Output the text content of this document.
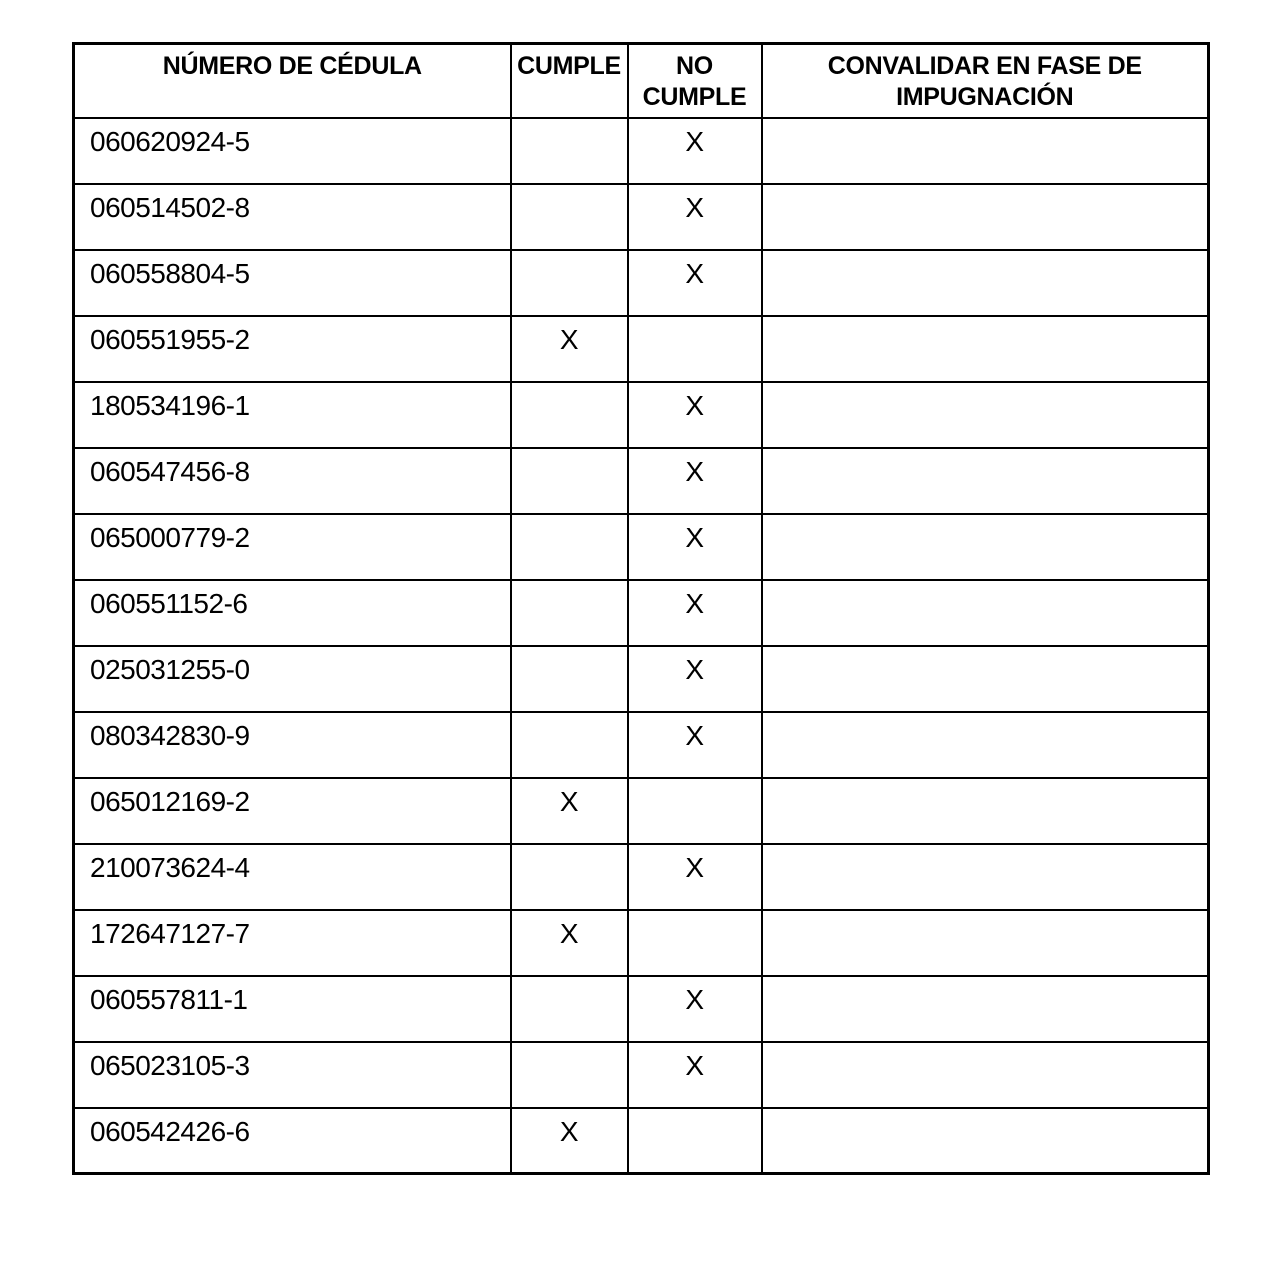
NÚMERO DE CÉDULA	CUMPLE	NO CUMPLE	CONVALIDAR EN FASE DE IMPUGNACIÓN
060620924-5		X	
060514502-8		X	
060558804-5		X	
060551955-2	X		
180534196-1		X	
060547456-8		X	
065000779-2		X	
060551152-6		X	
025031255-0		X	
080342830-9		X	
065012169-2	X		
210073624-4		X	
172647127-7	X		
060557811-1		X	
065023105-3		X	
060542426-6	X		
